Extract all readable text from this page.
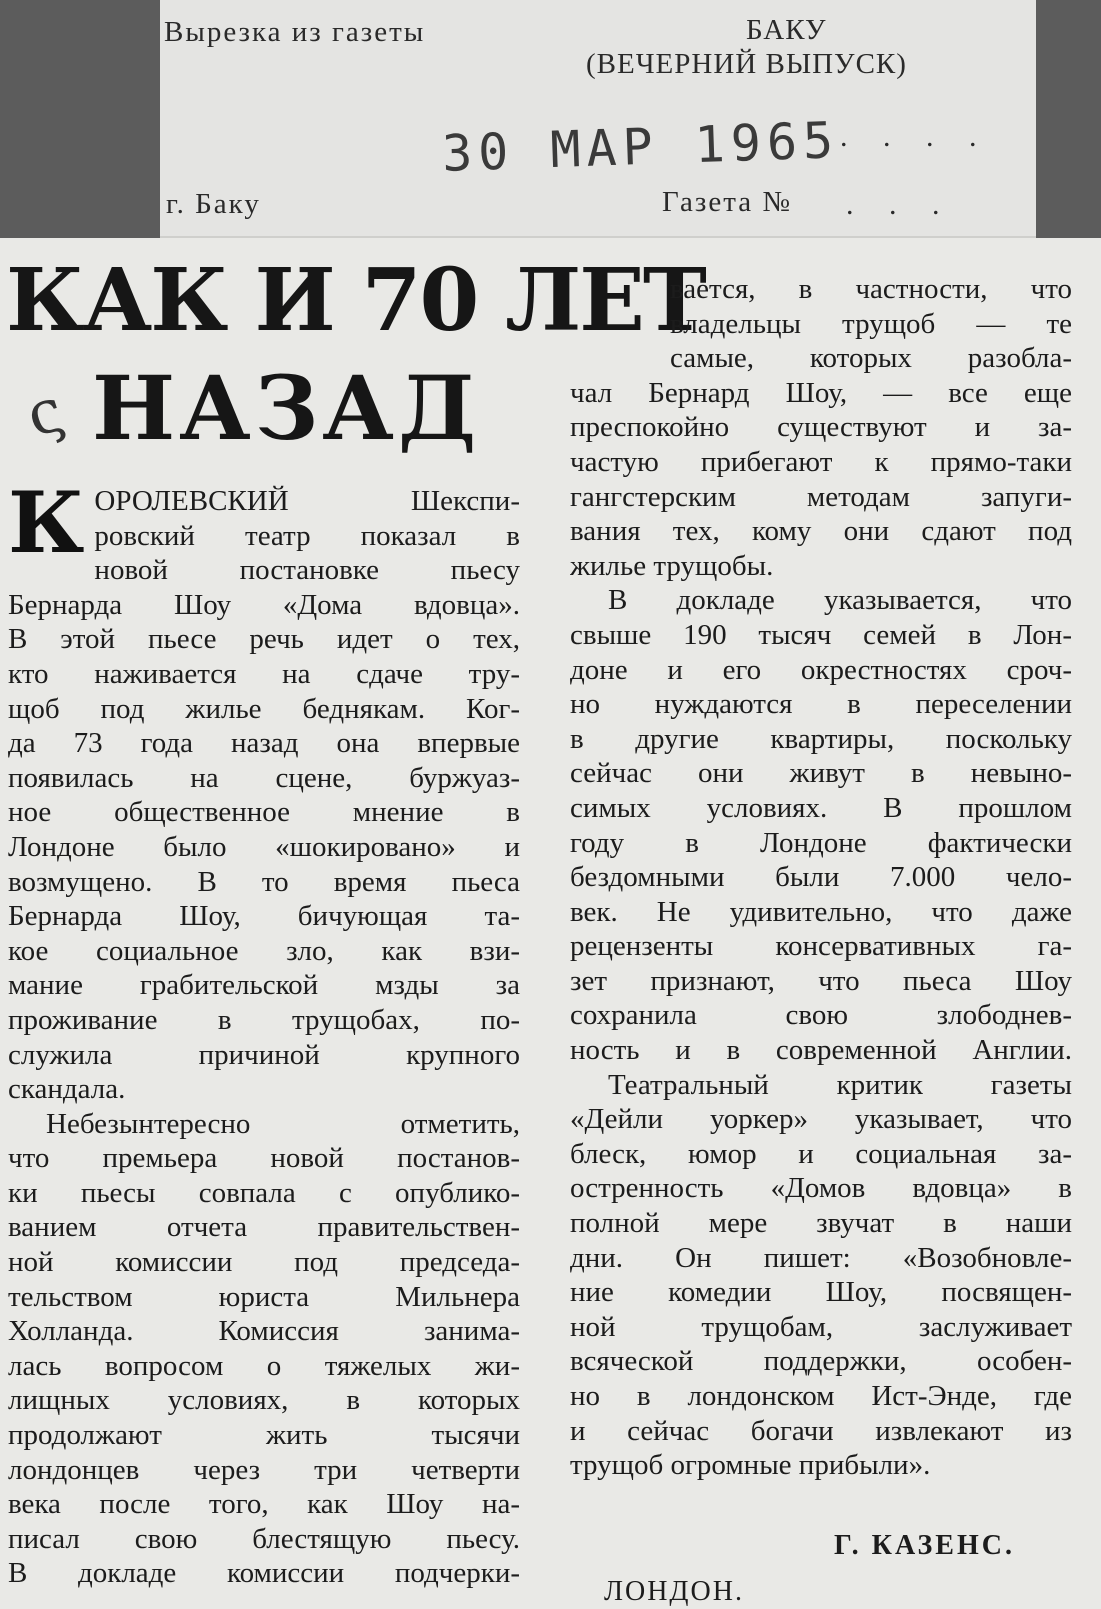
Вырезка из газеты	БАКУ
(ВЕЧЕРНИЙ ВЫПУСК)
30 МАР 1965 . . . .
г. Баку	Газета № . . .
КАК И 70 ЛЕТ
ς НАЗАД
К ОРОЛЕВСКИЙ Шекспи-
ровский театр показал в
новой постановке пьесу
Бернарда Шоу «Дома вдовца».
В этой пьесе речь идет о тех,
кто наживается на сдаче тру-
щоб под жилье беднякам. Ког-
да 73 года назад она впервые
появилась на сцене, буржуаз-
ное общественное мнение в
Лондоне было «шокировано» и
возмущено. В то время пьеса
Бернарда Шоу, бичующая та-
кое социальное зло, как взи-
мание грабительской мзды за
проживание в трущобах, по-
служила причиной крупного
скандала.
Небезынтересно отметить,
что премьера новой постанов-
ки пьесы совпала с опублико-
ванием отчета правительствен-
ной комиссии под председа-
тельством юриста Мильнера
Холланда. Комиссия занима-
лась вопросом о тяжелых жи-
лищных условиях, в которых
продолжают жить тысячи
лондонцев через три четверти
века после того, как Шоу на-
писал свою блестящую пьесу.
В докладе комиссии подчерки-
вается, в частности, что
владельцы трущоб — те
самые, которых разобла-
чал Бернард Шоу, — все еще
преспокойно существуют и за-
частую прибегают к прямо-таки
гангстерским методам запуги-
вания тех, кому они сдают под
жилье трущобы.
В докладе указывается, что
свыше 190 тысяч семей в Лон-
доне и его окрестностях сроч-
но нуждаются в переселении
в другие квартиры, поскольку
сейчас они живут в невыно-
симых условиях. В прошлом
году в Лондоне фактически
бездомными были 7.000 чело-
век. Не удивительно, что даже
рецензенты консервативных га-
зет признают, что пьеса Шоу
сохранила свою злободнев-
ность и в современной Англии.
Театральный критик газеты
«Дейли уоркер» указывает, что
блеск, юмор и социальная за-
остренность «Домов вдовца» в
полной мере звучат в наши
дни. Он пишет: «Возобновле-
ние комедии Шоу, посвящен-
ной трущобам, заслуживает
всяческой поддержки, особен-
но в лондонском Ист-Энде, где
и сейчас богачи извлекают из
трущоб огромные прибыли».
Г. КАЗЕНС.
ЛОНДОН.
